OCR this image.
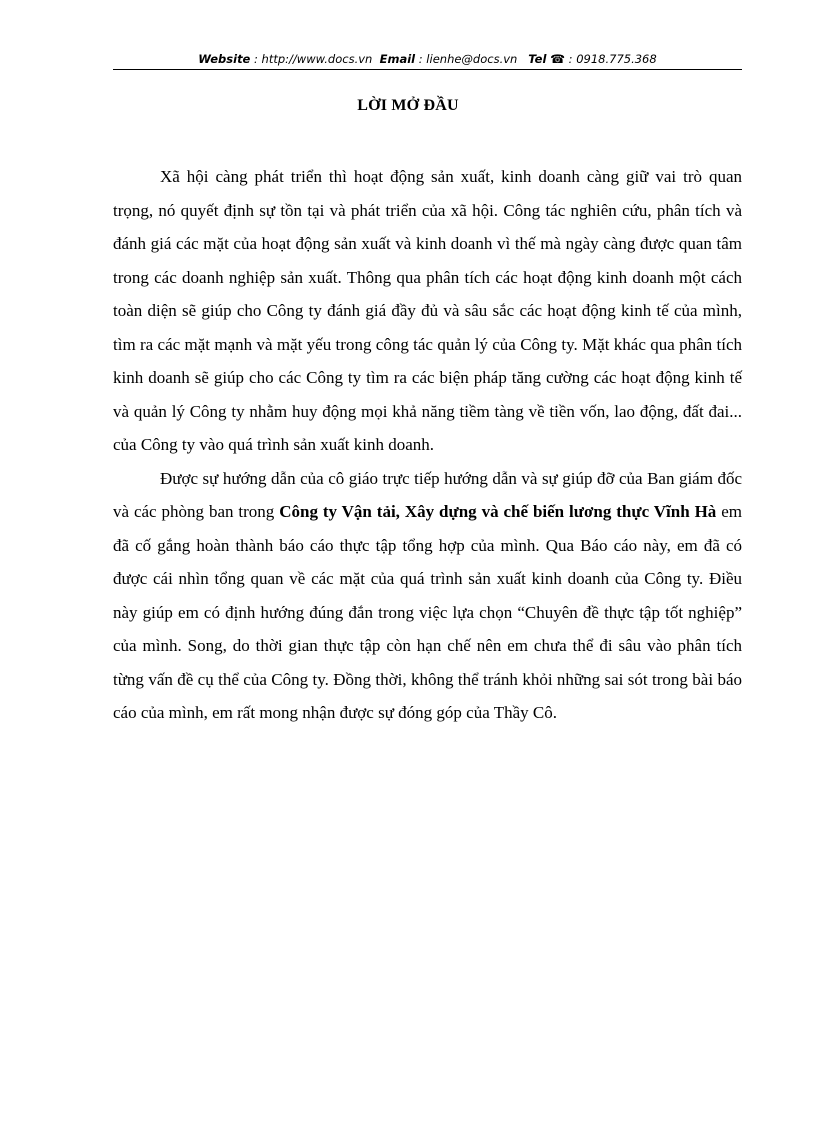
Website : http://www.docs.vn Email : lienhe@docs.vn Tel ☎ : 0918.775.368
LỜI MỞ ĐẦU

Xã hội càng phát triển thì hoạt động sản xuất, kinh doanh càng giữ vai trò quan trọng, nó quyết định sự tồn tại và phát triển của xã hội. Công tác nghiên cứu, phân tích và đánh giá các mặt của hoạt động sản xuất và kinh doanh vì thế mà ngày càng được quan tâm trong các doanh nghiệp sản xuất. Thông qua phân tích các hoạt động kinh doanh một cách toàn diện sẽ giúp cho Công ty đánh giá đầy đủ và sâu sắc các hoạt động kinh tế của mình, tìm ra các mặt mạnh và mặt yếu trong công tác quản lý của Công ty. Mặt khác qua phân tích kinh doanh sẽ giúp cho các Công ty tìm ra các biện pháp tăng cường các hoạt động kinh tế và quản lý Công ty nhằm huy động mọi khả năng tiềm tàng về tiền vốn, lao động, đất đai... của Công ty vào quá trình sản xuất kinh doanh.

Được sự hướng dẫn của cô giáo trực tiếp hướng dẫn và sự giúp đỡ của Ban giám đốc và các phòng ban trong Công ty Vận tải, Xây dựng và chế biến lương thực Vĩnh Hà em đã cố gắng hoàn thành báo cáo thực tập tổng hợp của mình. Qua Báo cáo này, em đã có được cái nhìn tổng quan về các mặt của quá trình sản xuất kinh doanh của Công ty. Điều này giúp em có định hướng đúng đắn trong việc lựa chọn “Chuyên đề thực tập tốt nghiệp” của mình. Song, do thời gian thực tập còn hạn chế nên em chưa thể đi sâu vào phân tích từng vấn đề cụ thể của Công ty. Đồng thời, không thể tránh khỏi những sai sót trong bài báo cáo của mình, em rất mong nhận được sự đóng góp của Thầy Cô.
